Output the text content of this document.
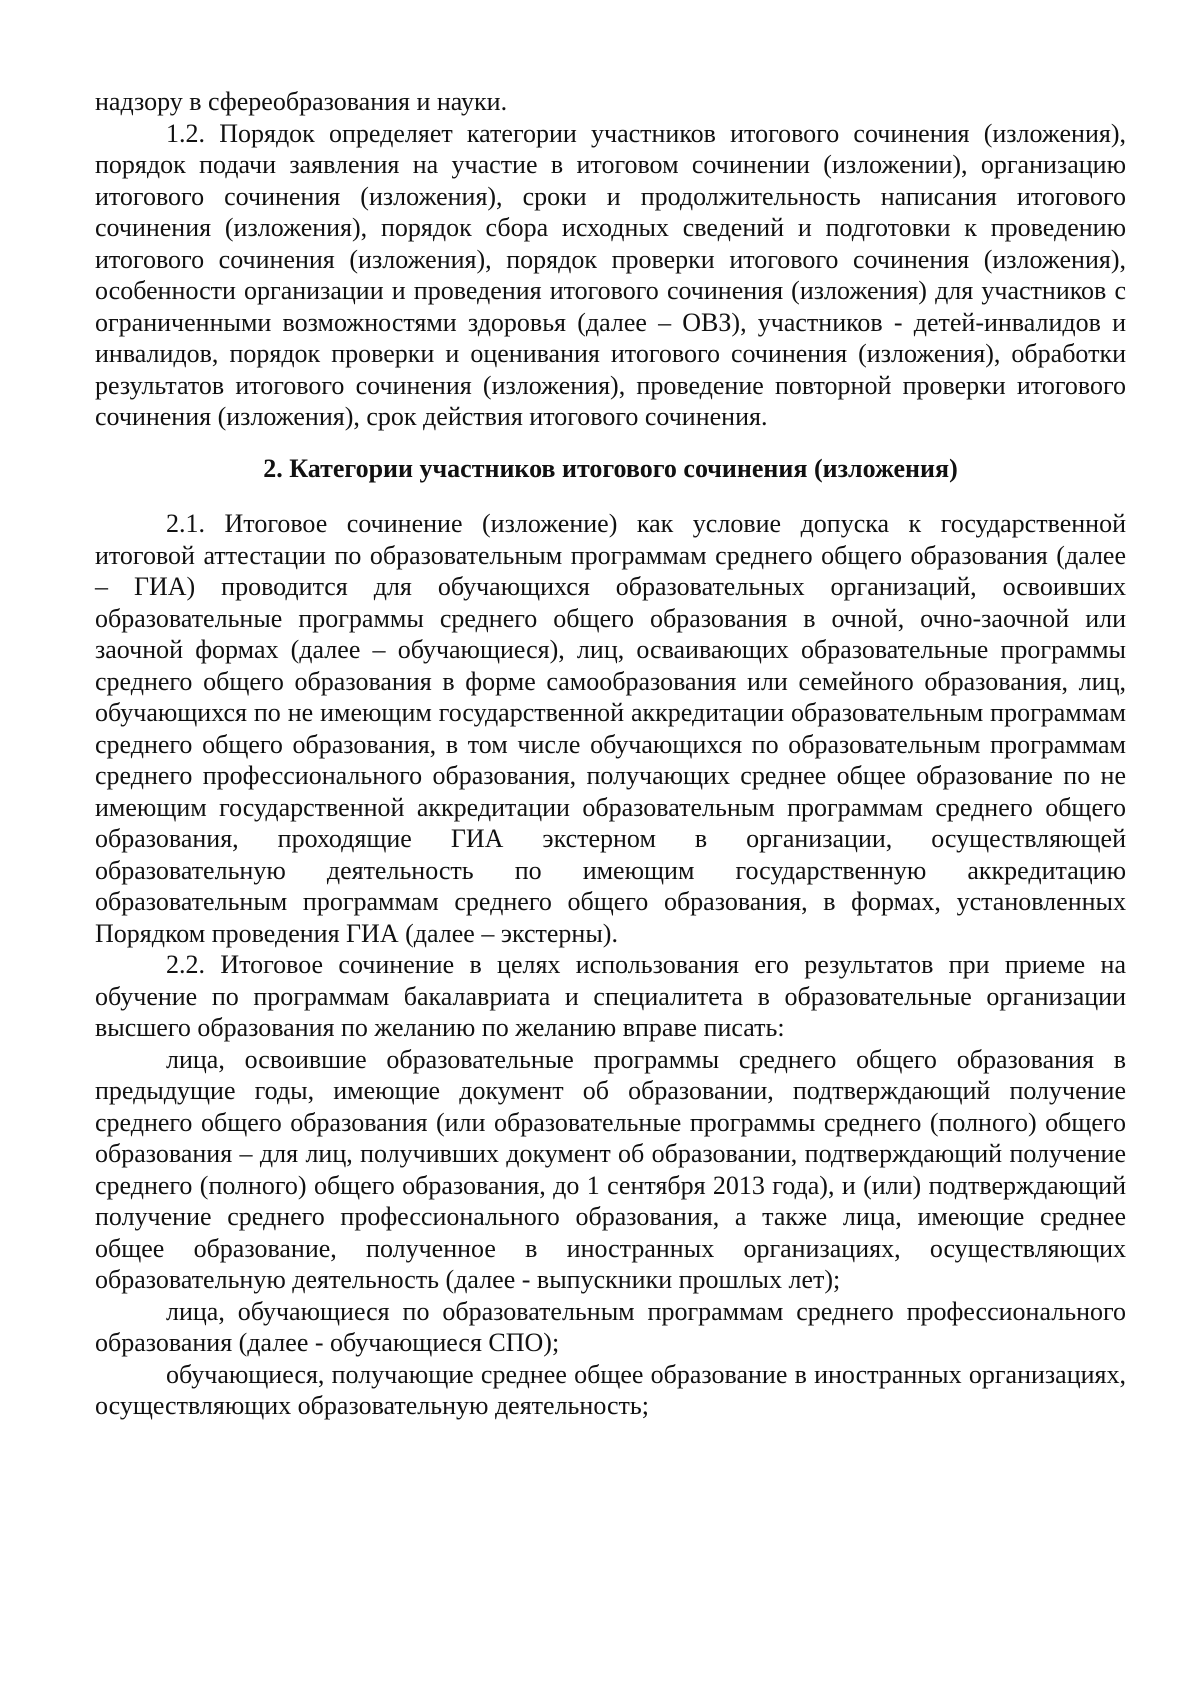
надзору в сфереобразования и науки.

1.2. Порядок определяет категории участников итогового сочинения (изложения), порядок подачи заявления на участие в итоговом сочинении (изложении), организацию итогового сочинения (изложения), сроки и продолжительность написания итогового сочинения (изложения), порядок сбора исходных сведений и подготовки к проведению итогового сочинения (изложения), порядок проверки итогового сочинения (изложения), особенности организации и проведения итогового сочинения (изложения) для участников с ограниченными возможностями здоровья (далее – ОВЗ), участников - детей-инвалидов и инвалидов, порядок проверки и оценивания итогового сочинения (изложения), обработки результатов итогового сочинения (изложения), проведение повторной проверки итогового сочинения (изложения), срок действия итогового сочинения.

2. Категории участников итогового сочинения (изложения)

2.1. Итоговое сочинение (изложение) как условие допуска к государственной итоговой аттестации по образовательным программам среднего общего образования (далее – ГИА) проводится для обучающихся образовательных организаций, освоивших образовательные программы среднего общего образования в очной, очно-заочной или заочной формах (далее – обучающиеся), лиц, осваивающих образовательные программы среднего общего образования в форме самообразования или семейного образования, лиц, обучающихся по не имеющим государственной аккредитации образовательным программам среднего общего образования, в том числе обучающихся по образовательным программам среднего профессионального образования, получающих среднее общее образование по не имеющим государственной аккредитации образовательным программам среднего общего образования, проходящие ГИА экстерном в организации, осуществляющей образовательную деятельность по имеющим государственную аккредитацию образовательным программам среднего общего образования, в формах, установленных Порядком проведения ГИА (далее – экстерны).

2.2. Итоговое сочинение в целях использования его результатов при приеме на обучение по программам бакалавриата и специалитета в образовательные организации высшего образования по желанию по желанию вправе писать:

лица, освоившие образовательные программы среднего общего образования в предыдущие годы, имеющие документ об образовании, подтверждающий получение среднего общего образования (или образовательные программы среднего (полного) общего образования – для лиц, получивших документ об образовании, подтверждающий получение среднего (полного) общего образования, до 1 сентября 2013 года), и (или) подтверждающий получение среднего профессионального образования, а также лица, имеющие среднее общее образование, полученное в иностранных организациях, осуществляющих образовательную деятельность (далее - выпускники прошлых лет);

лица, обучающиеся по образовательным программам среднего профессионального образования (далее - обучающиеся СПО);

обучающиеся, получающие среднее общее образование в иностранных организациях, осуществляющих образовательную деятельность;
